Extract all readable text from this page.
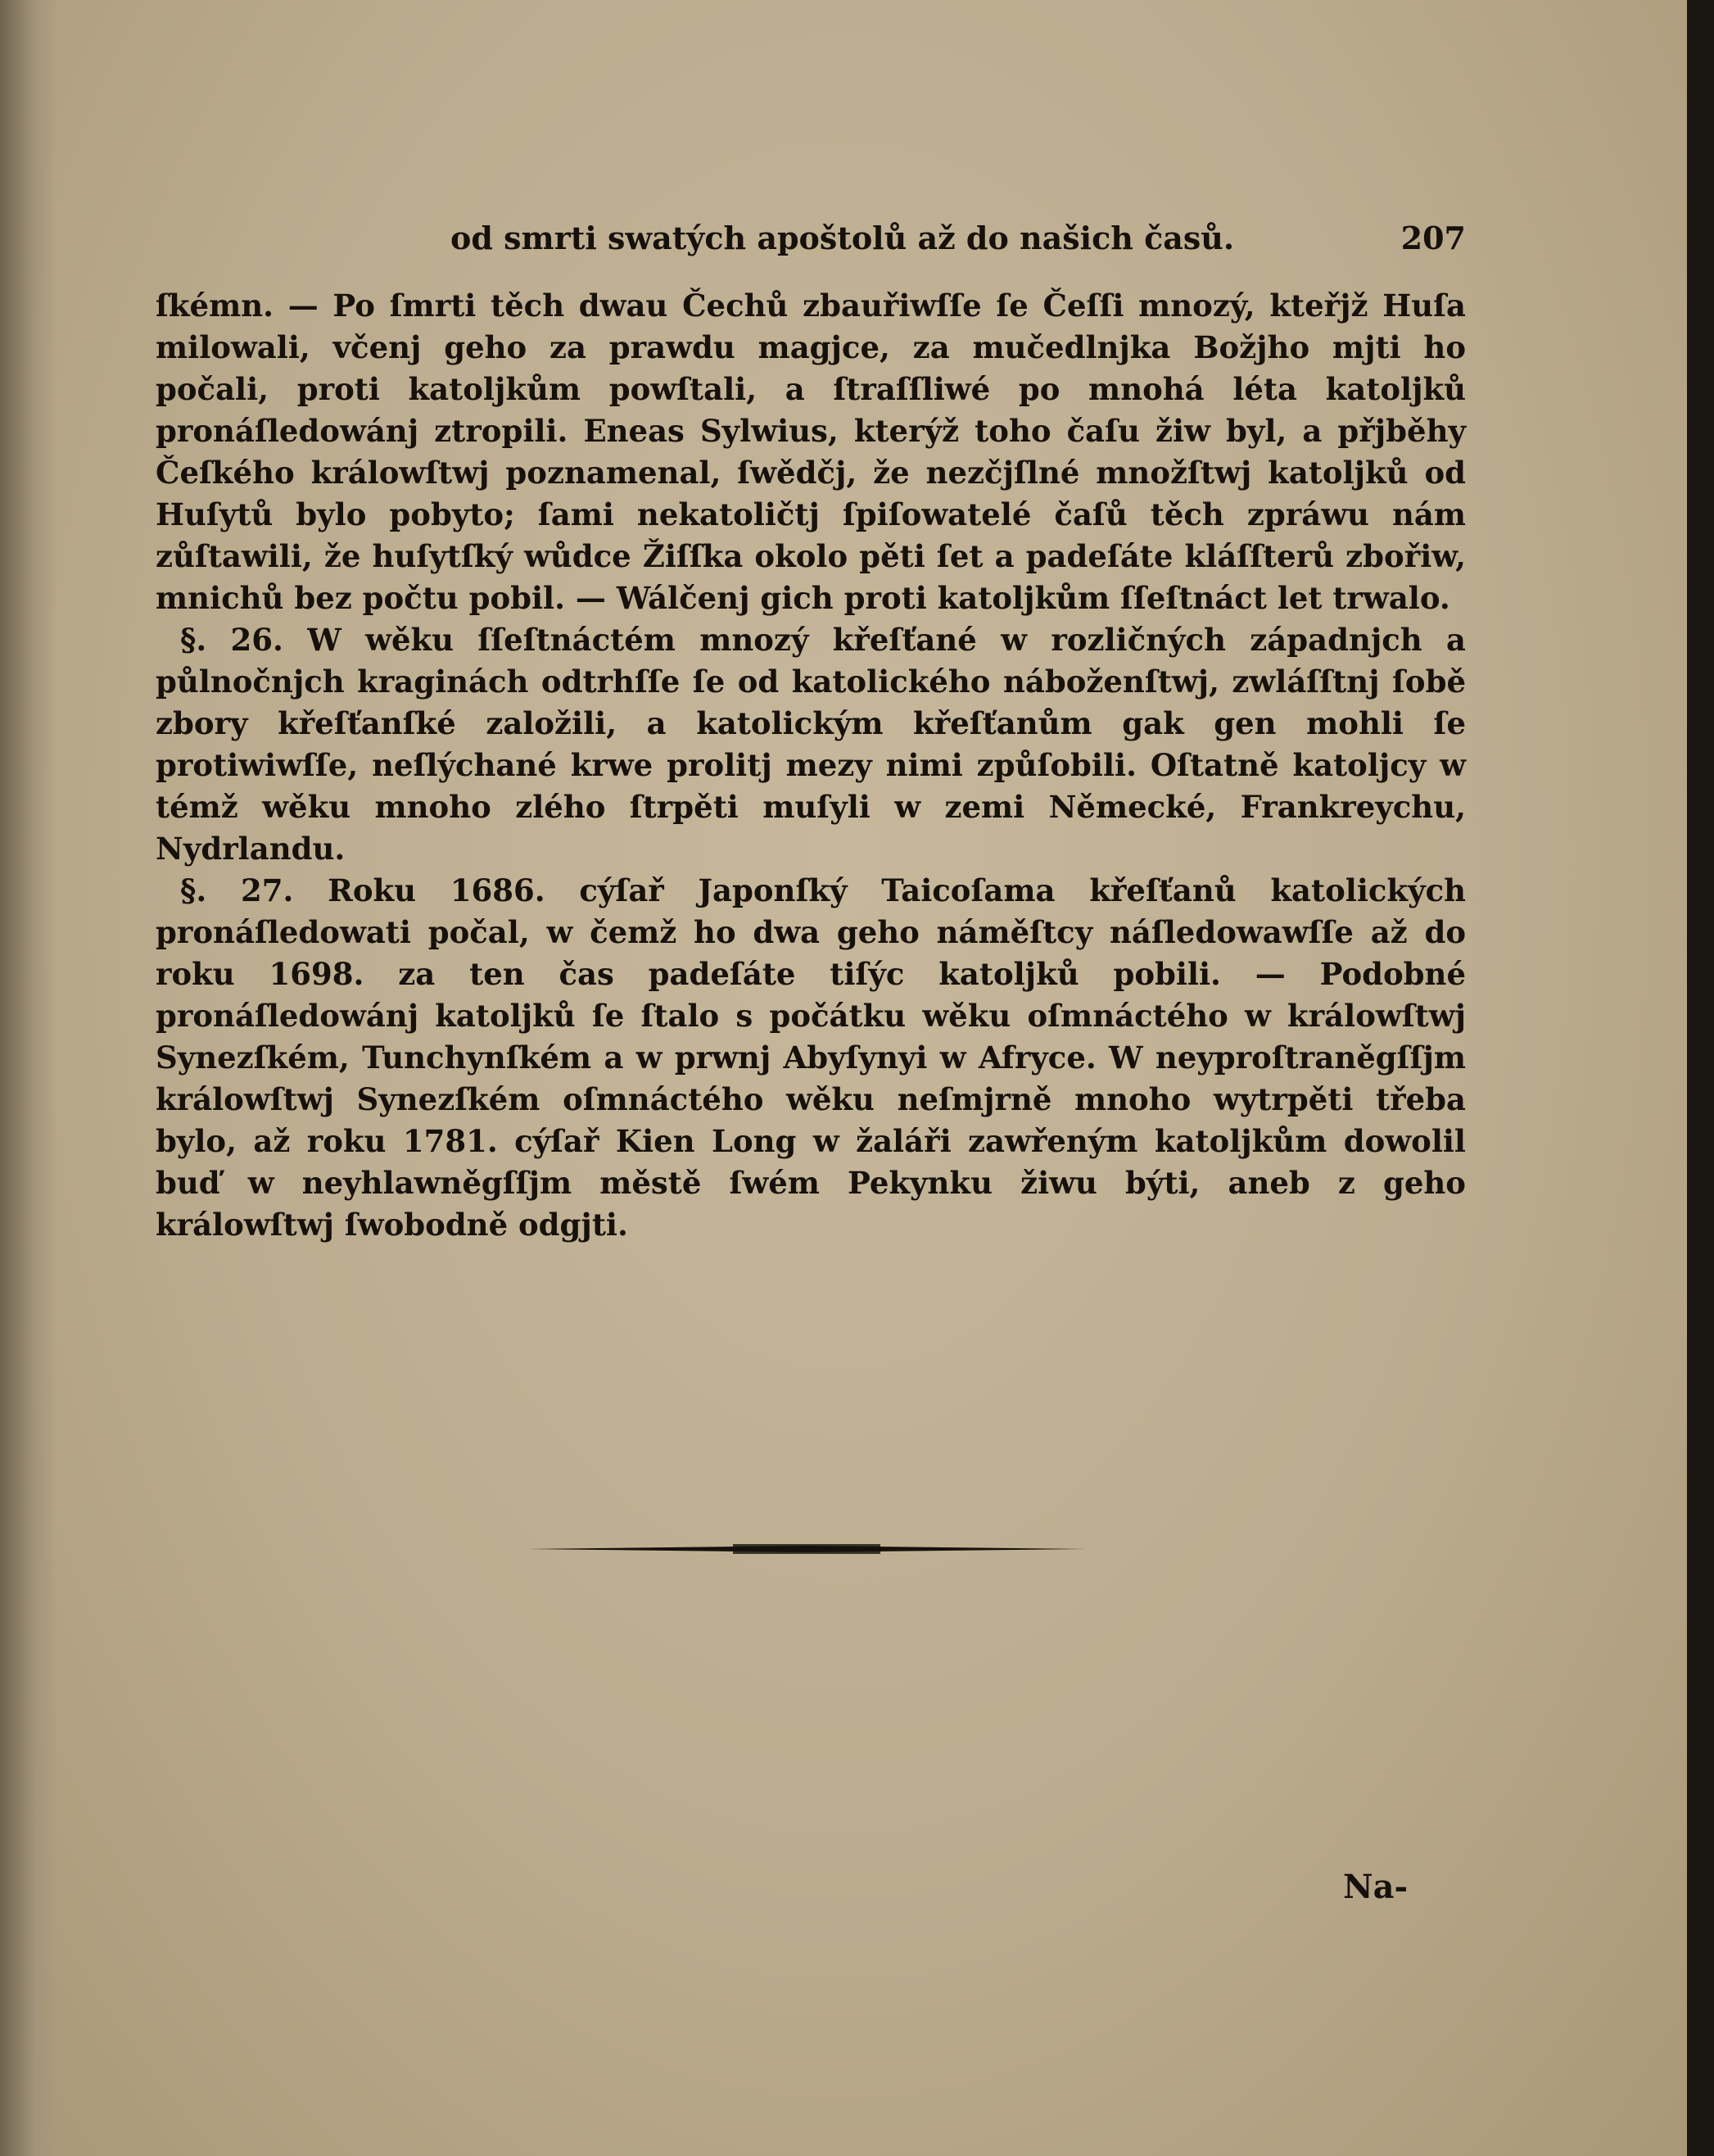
od smrti swatých apoštolů až do našich časů.	207

ſkémn. — Po ſmrti těch dwau Čechů zbauřiwſſe ſe Čeſſi mnozý, kteřjž Huſa milowali, včenj geho za prawdu magjce, za mučedlnjka Božjho mjti ho počali, proti katoljkům powſtali, a ſtraſſliwé po mnohá léta katoljků pronáſledowánj ztropili. Eneas Sylwius, kterýž toho čaſu žiw byl, a přjběhy Čeſkého králowſtwj poznamenal, ſwědčj, že nezčjſlné množſtwj katoljků od Huſytů bylo pobyto; ſami nekatoličtj ſpiſowatelé čaſů těch zpráwu nám zůſtawili, že huſytſký wůdce Žiſſka okolo pěti ſet a padeſáte kláſſterů zbořiw, mnichů bez počtu pobil. — Wálčenj gich proti katoljkům ſſeſtnáct let trwalo.

§. 26. W wěku ſſeſtnáctém mnozý křeſťané w rozličných západnjch a půlnočnjch kraginách odtrhſſe ſe od katolického náboženſtwj, zwláſſtnj ſobě zbory křeſťanſké založili, a katolickým křeſťanům gak gen mohli ſe protiwiwſſe, neſlýchané krwe prolitj mezy nimi způſobili. Oſtatně katoljcy w témž wěku mnoho zlého ſtrpěti muſyli w zemi Německé, Frankreychu, Nydrlandu.

§. 27. Roku 1686. cýſař Japonſký Taicoſama křeſťanů katolických pronáſledowati počal, w čemž ho dwa geho náměſtcy náſledowawſſe až do roku 1698. za ten čas padeſáte tiſýc katoljků pobili. — Podobné pronáſledowánj katoljků ſe ſtalo s počátku wěku oſmnáctého w králowſtwj Synezſkém, Tunchynſkém a w prwnj Abyſynyi w Afryce. W neyproſtraněgſſjm králowſtwj Synezſkém oſmnáctého wěku neſmjrně mnoho wytrpěti třeba bylo, až roku 1781. cýſař Kien Long w žaláři zawřeným katoljkům dowolil buď w neyhlawněgſſjm městě ſwém Pekynku žiwu býti, aneb z geho králowſtwj ſwobodně odgjti.

Na-
